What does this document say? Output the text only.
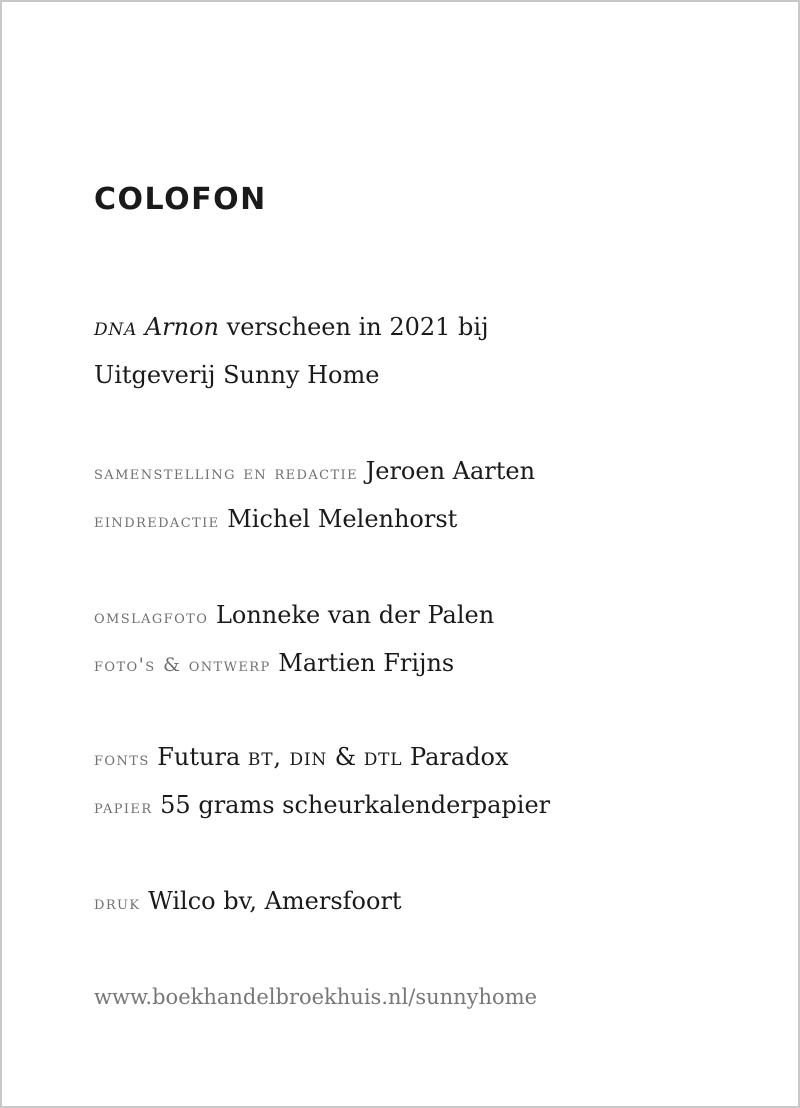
COLOFON

dna Arnon verscheen in 2021 bij

Uitgeverij Sunny Home

samenstelling en redactie Jeroen Aarten

eindredactie Michel Melenhorst

omslagfoto Lonneke van der Palen

foto's & ontwerp Martien Frijns

fonts Futura bt, din & dtl Paradox

papier 55 grams scheurkalenderpapier

druk Wilco bv, Amersfoort

www.boekhandelbroekhuis.nl/sunnyhome
